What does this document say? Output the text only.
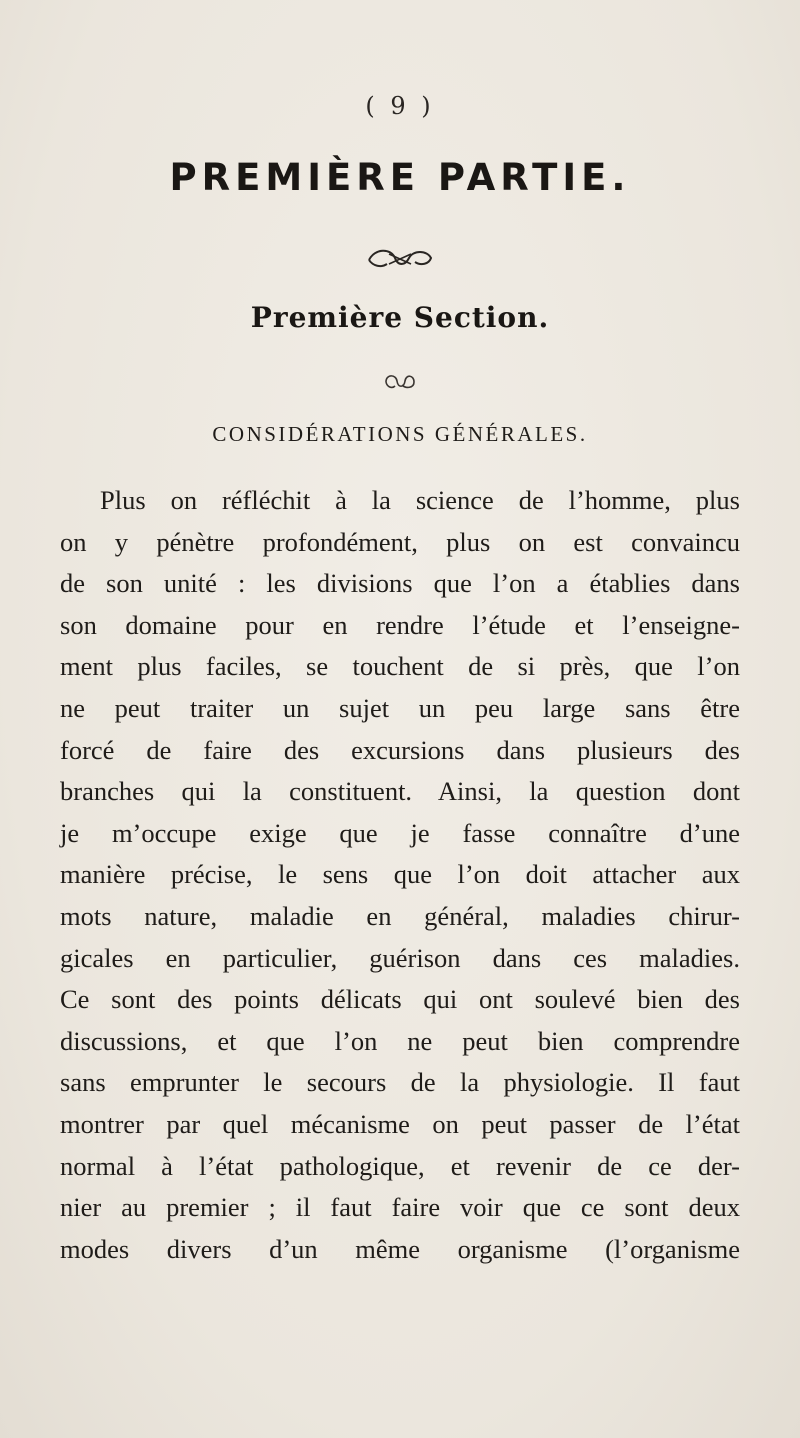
( 9 )
PREMIÈRE PARTIE.
Première Section.
CONSIDÉRATIONS GÉNÉRALES.
Plus on réfléchit à la science de l’homme, plus
on y pénètre profondément, plus on est convaincu
de son unité : les divisions que l’on a établies dans
son domaine pour en rendre l’étude et l’enseigne-
ment plus faciles, se touchent de si près, que l’on
ne peut traiter un sujet un peu large sans être
forcé de faire des excursions dans plusieurs des
branches qui la constituent. Ainsi, la question dont
je m’occupe exige que je fasse connaître d’une
manière précise, le sens que l’on doit attacher aux
mots nature, maladie en général, maladies chirur-
gicales en particulier, guérison dans ces maladies.
Ce sont des points délicats qui ont soulevé bien des
discussions, et que l’on ne peut bien comprendre
sans emprunter le secours de la physiologie. Il faut
montrer par quel mécanisme on peut passer de l’état
normal à l’état pathologique, et revenir de ce der-
nier au premier ; il faut faire voir que ce sont deux
modes divers d’un même organisme (l’organisme
